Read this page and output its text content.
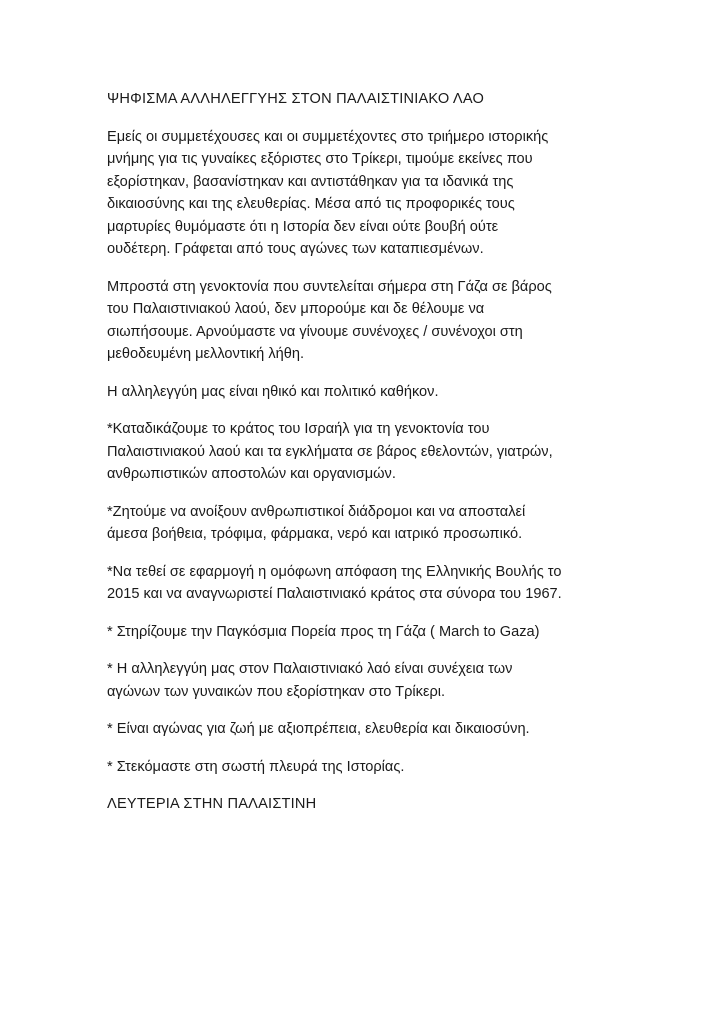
ΨΗΦΙΣΜΑ ΑΛΛΗΛΕΓΓΥΗΣ ΣΤΟΝ ΠΑΛΑΙΣΤΙΝΙΑΚΟ ΛΑΟ

Εμείς οι συμμετέχουσες και οι συμμετέχοντες στο τριήμερο ιστορικής
μνήμης για τις γυναίκες εξόριστες στο Τρίκερι, τιμούμε εκείνες που
εξορίστηκαν, βασανίστηκαν και αντιστάθηκαν για τα ιδανικά της
δικαιοσύνης και της ελευθερίας. Μέσα από τις προφορικές τους
μαρτυρίες θυμόμαστε ότι η Ιστορία δεν είναι ούτε βουβή ούτε
ουδέτερη. Γράφεται από τους αγώνες των καταπιεσμένων.

Μπροστά στη γενοκτονία που συντελείται σήμερα στη Γάζα σε βάρος
του Παλαιστινιακού λαού, δεν μπορούμε και δε θέλουμε να
σιωπήσουμε. Αρνούμαστε να γίνουμε συνένοχες / συνένοχοι στη
μεθοδευμένη μελλοντική λήθη.

Η αλληλεγγύη μας είναι ηθικό και πολιτικό καθήκον.

*Καταδικάζουμε το κράτος του Ισραήλ για τη γενοκτονία του
Παλαιστινιακού λαού και τα εγκλήματα σε βάρος εθελοντών, γιατρών,
ανθρωπιστικών αποστολών και οργανισμών.

*Ζητούμε να ανοίξουν ανθρωπιστικοί διάδρομοι και να αποσταλεί
άμεσα βοήθεια, τρόφιμα, φάρμακα, νερό και ιατρικό προσωπικό.

*Να τεθεί σε εφαρμογή η ομόφωνη απόφαση της Ελληνικής Βουλής το
2015 και να αναγνωριστεί Παλαιστινιακό κράτος στα σύνορα του 1967.

* Στηρίζουμε την Παγκόσμια Πορεία προς τη Γάζα ( March to Gaza)

* Η αλληλεγγύη μας στον Παλαιστινιακό λαό είναι συνέχεια των
αγώνων των γυναικών που εξορίστηκαν στο Τρίκερι.

* Είναι αγώνας για ζωή με αξιοπρέπεια, ελευθερία και δικαιοσύνη.

* Στεκόμαστε στη σωστή πλευρά της Ιστορίας.

ΛΕΥΤΕΡΙΑ ΣΤΗΝ ΠΑΛΑΙΣΤΙΝΗ
